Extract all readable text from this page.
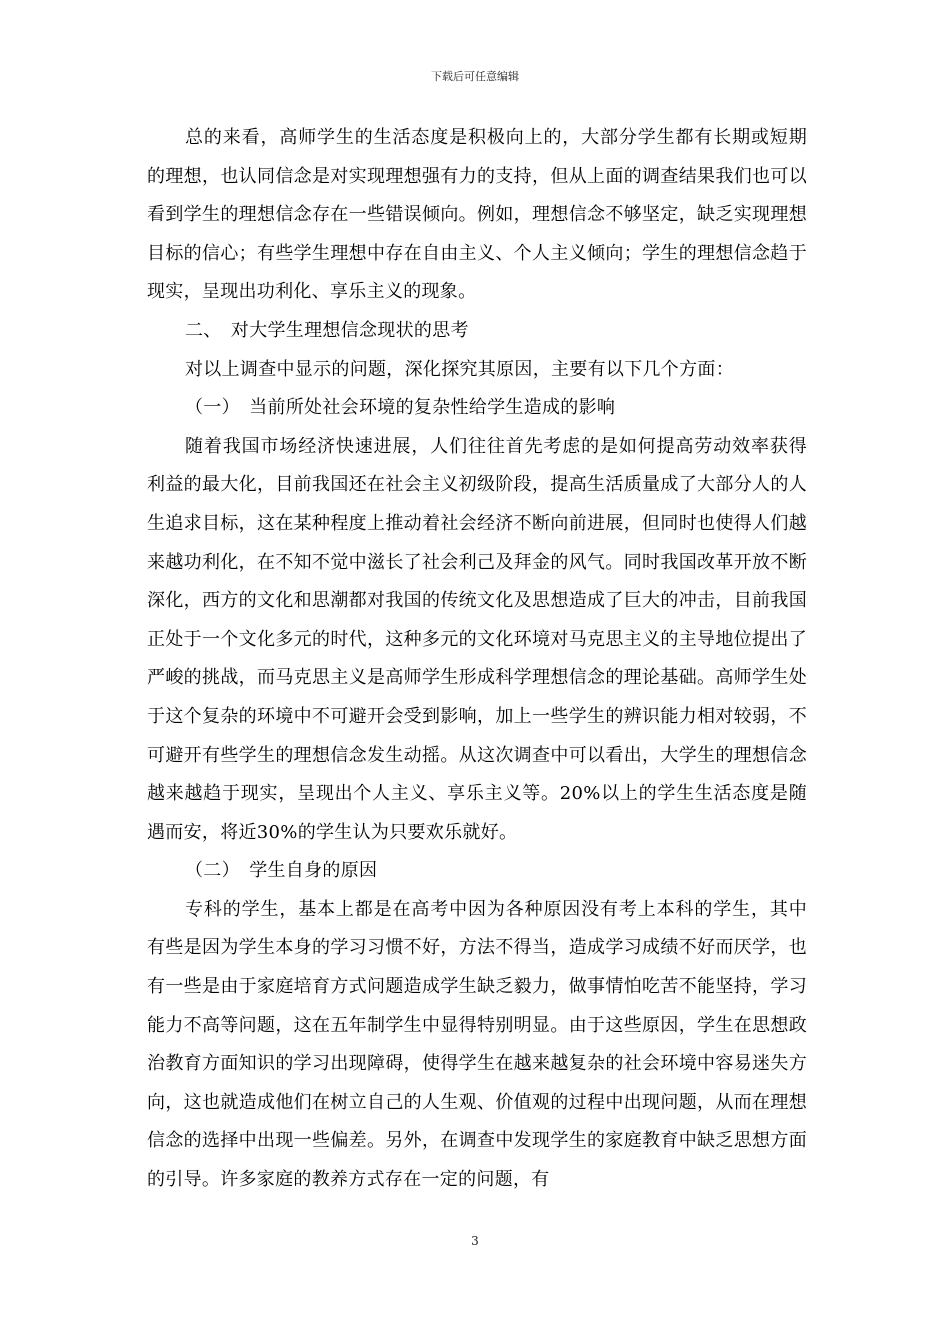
下载后可任意编辑

总的来看，高师学生的生活态度是积极向上的，大部分学生都有长期或短期的理想，也认同信念是对实现理想强有力的支持，但从上面的调查结果我们也可以看到学生的理想信念存在一些错误倾向。例如，理想信念不够坚定，缺乏实现理想目标的信心；有些学生理想中存在自由主义、个人主义倾向；学生的理想信念趋于现实，呈现出功利化、享乐主义的现象。

二、　对大学生理想信念现状的思考

对以上调查中显示的问题，深化探究其原因，主要有以下几个方面：

（一）　当前所处社会环境的复杂性给学生造成的影响

随着我国市场经济快速进展，人们往往首先考虑的是如何提高劳动效率获得利益的最大化，目前我国还在社会主义初级阶段，提高生活质量成了大部分人的人生追求目标，这在某种程度上推动着社会经济不断向前进展，但同时也使得人们越来越功利化，在不知不觉中滋长了社会利己及拜金的风气。同时我国改革开放不断深化，西方的文化和思潮都对我国的传统文化及思想造成了巨大的冲击，目前我国正处于一个文化多元的时代，这种多元的文化环境对马克思主义的主导地位提出了严峻的挑战，而马克思主义是高师学生形成科学理想信念的理论基础。高师学生处于这个复杂的环境中不可避开会受到影响，加上一些学生的辨识能力相对较弱，不可避开有些学生的理想信念发生动摇。从这次调查中可以看出，大学生的理想信念越来越趋于现实，呈现出个人主义、享乐主义等。20%以上的学生生活态度是随遇而安，将近30%的学生认为只要欢乐就好。

（二）　学生自身的原因

专科的学生，基本上都是在高考中因为各种原因没有考上本科的学生，其中有些是因为学生本身的学习习惯不好，方法不得当，造成学习成绩不好而厌学，也有一些是由于家庭培育方式问题造成学生缺乏毅力，做事情怕吃苦不能坚持，学习能力不高等问题，这在五年制学生中显得特别明显。由于这些原因，学生在思想政治教育方面知识的学习出现障碍，使得学生在越来越复杂的社会环境中容易迷失方向，这也就造成他们在树立自己的人生观、价值观的过程中出现问题，从而在理想信念的选择中出现一些偏差。另外，在调查中发现学生的家庭教育中缺乏思想方面的引导。许多家庭的教养方式存在一定的问题，有

3
